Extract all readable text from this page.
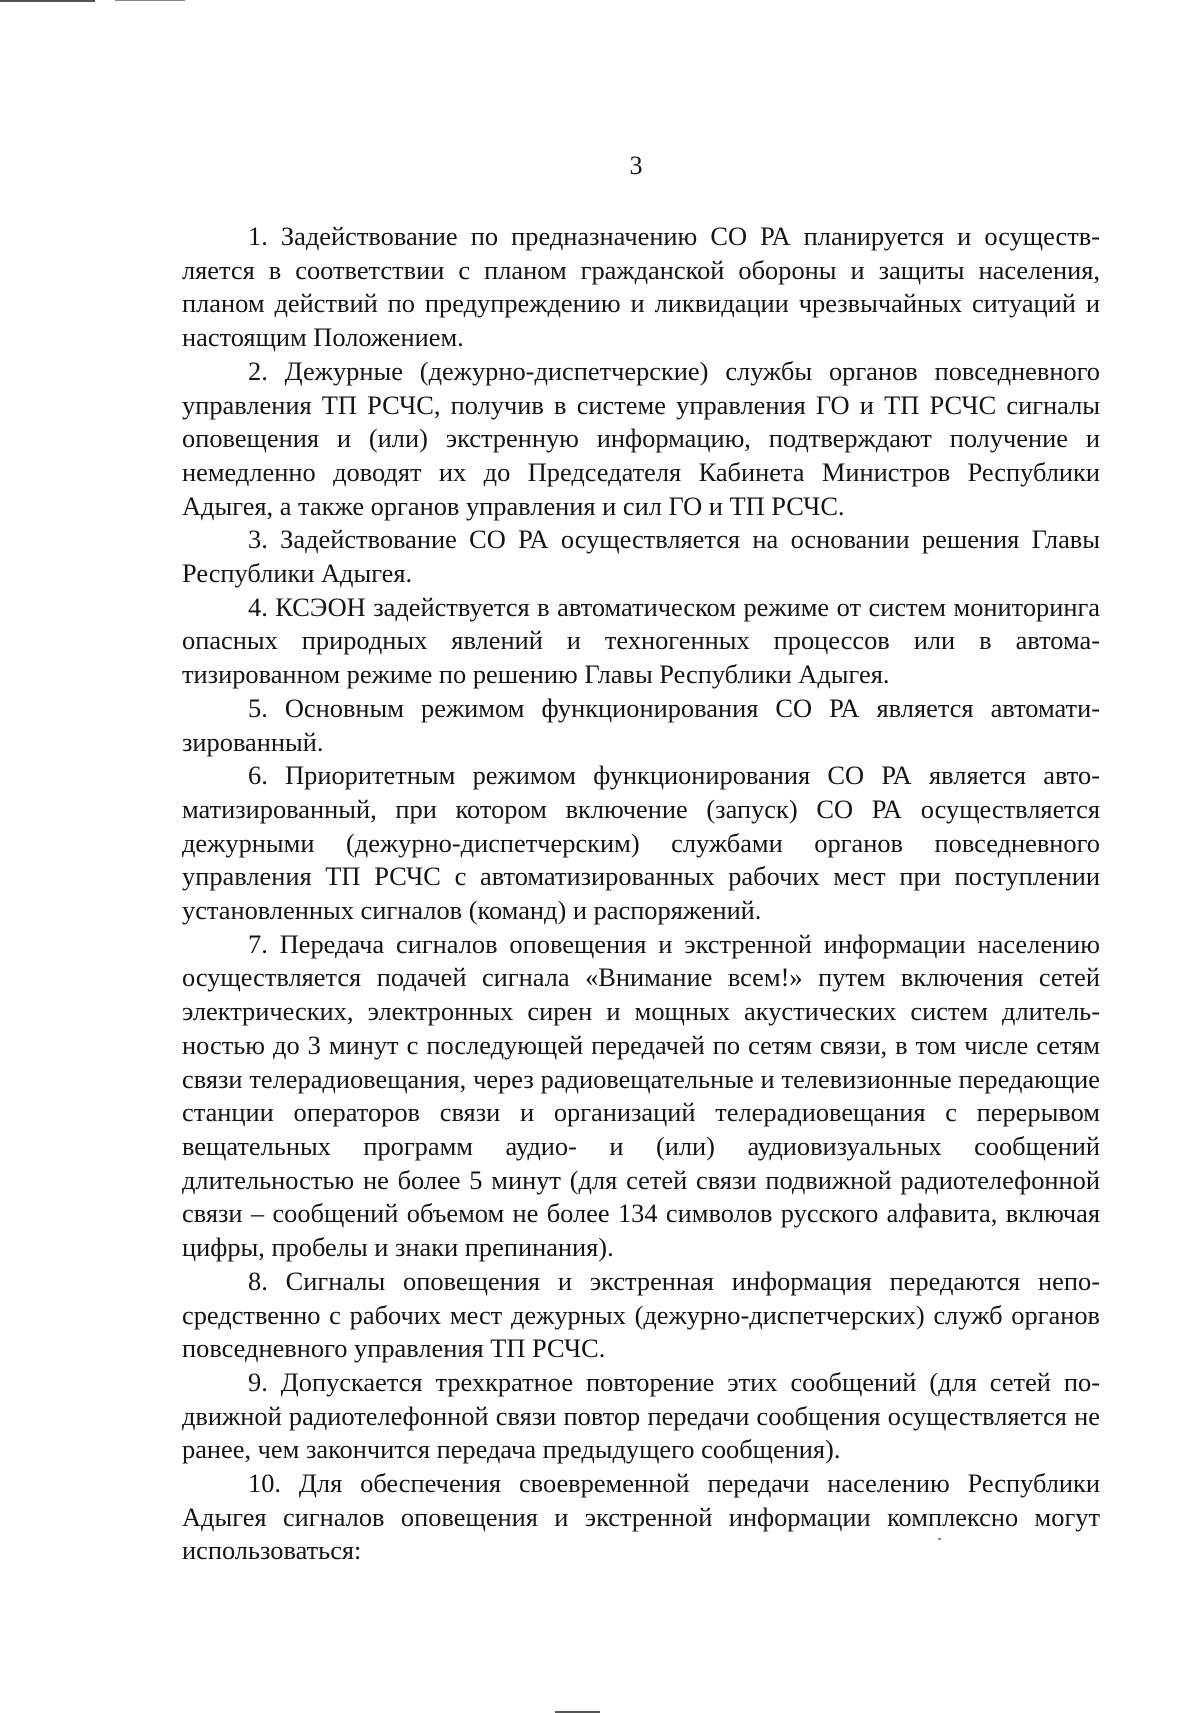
3

1. Задействование по предназначению СО РА планируется и осуществляется в соответствии с планом гражданской обороны и защиты населения, планом действий по предупреждению и ликвидации чрезвычайных ситуаций и настоящим Положением.

2. Дежурные (дежурно-диспетчерские) службы органов повседневного управления ТП РСЧС, получив в системе управления ГО и ТП РСЧС сигналы оповещения и (или) экстренную информацию, подтверждают получение и немедленно доводят их до Председателя Кабинета Министров Республики Адыгея, а также органов управления и сил ГО и ТП РСЧС.

3. Задействование СО РА осуществляется на основании решения Главы Республики Адыгея.

4. КСЭОН задействуется в автоматическом режиме от систем мониторинга опасных природных явлений и техногенных процессов или в автоматизированном режиме по решению Главы Республики Адыгея.

5. Основным режимом функционирования СО РА является автоматизированный.

6. Приоритетным режимом функционирования СО РА является автоматизированный, при котором включение (запуск) СО РА осуществляется дежурными (дежурно-диспетчерским) службами органов повседневного управления ТП РСЧС с автоматизированных рабочих мест при поступлении установленных сигналов (команд) и распоряжений.

7. Передача сигналов оповещения и экстренной информации населению осуществляется подачей сигнала «Внимание всем!» путем включения сетей электрических, электронных сирен и мощных акустических систем длительностью до 3 минут с последующей передачей по сетям связи, в том числе сетям связи телерадиовещания, через радиовещательные и телевизионные передающие станции операторов связи и организаций телерадиовещания с перерывом вещательных программ аудио- и (или) аудиовизуальных сообщений длительностью не более 5 минут (для сетей связи подвижной радиотелефонной связи – сообщений объемом не более 134 символов русского алфавита, включая цифры, пробелы и знаки препинания).

8. Сигналы оповещения и экстренная информация передаются непосредственно с рабочих мест дежурных (дежурно-диспетчерских) служб органов повседневного управления ТП РСЧС.

9. Допускается трехкратное повторение этих сообщений (для сетей подвижной радиотелефонной связи повтор передачи сообщения осуществляется не ранее, чем закончится передача предыдущего сообщения).

10. Для обеспечения своевременной передачи населению Республики Адыгея сигналов оповещения и экстренной информации комплексно могут использоваться:
